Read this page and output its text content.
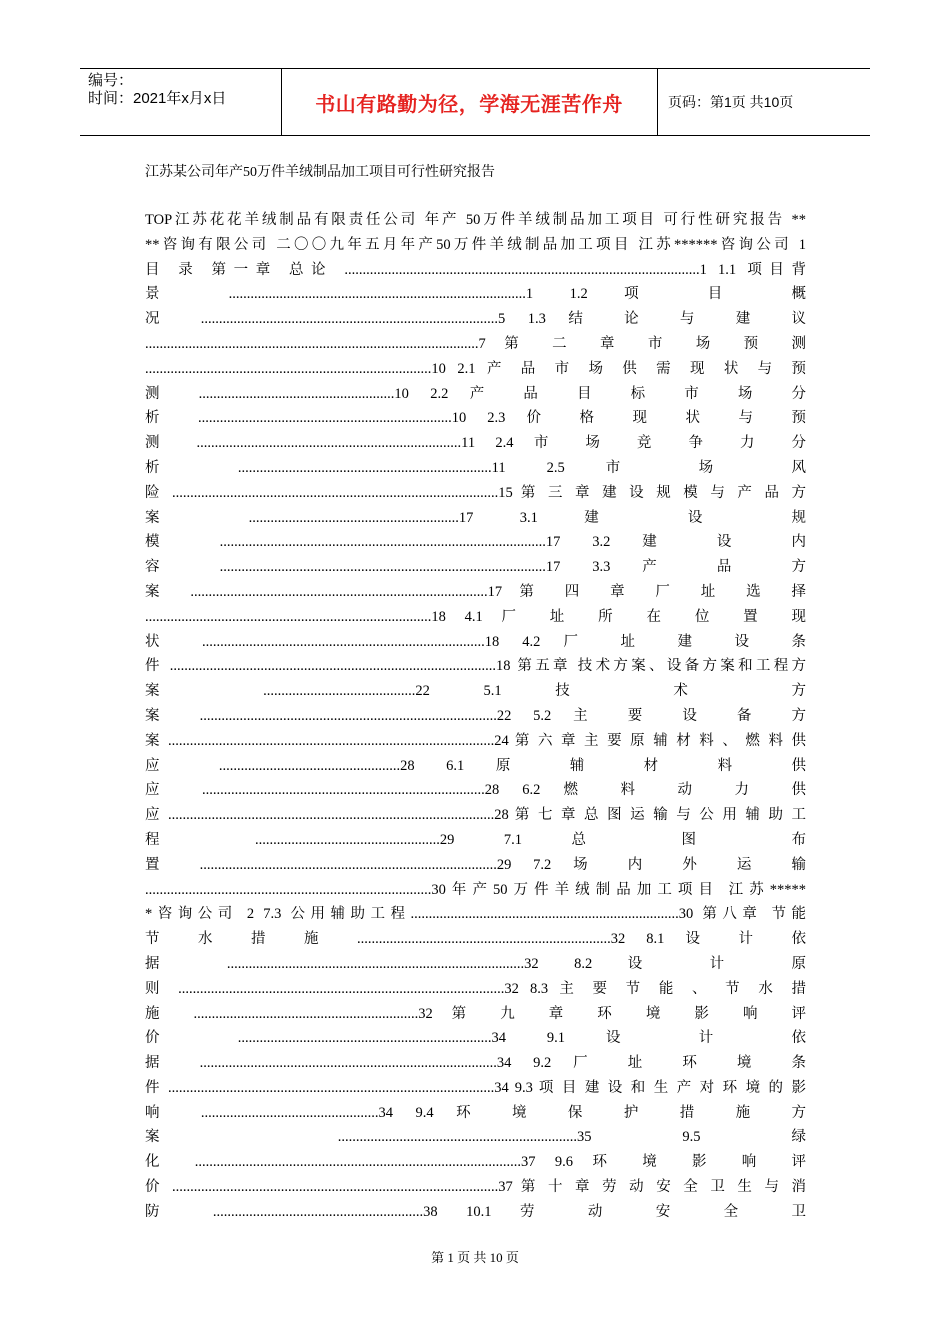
编号：
时间：2021年x月x日	书山有路勤为径，学海无涯苦作舟	页码：第1页 共10页
江苏某公司年产50万件羊绒制品加工项目可行性研究报告
TOP江苏花花羊绒制品有限责任公司 年产 50万件羊绒制品加工项目 可行性研究报告 **
**咨询有限公司 二〇〇九年五月年产50万件羊绒制品加工项目 江苏******咨询公司 1
目 录 第一章 总论 ..................................................................................................1 1.1 项目背
景 ..................................................................................1 1.2 项 目 概
况 ..................................................................................5 1.3 结 论 与 建 议
............................................................................................7 第 二 章 市 场 预 测
...............................................................................10 2.1 产 品 市 场 供 需 现 状 与 预
测 ......................................................10 2.2 产 品 目 标 市 场 分
析 ......................................................................10 2.3 价 格 现 状 与 预
测 .........................................................................11 2.4 市 场 竞 争 力 分
析 ......................................................................11 2.5 市 场 风
险 ..........................................................................................15 第 三 章 建 设 规 模 与 产 品 方
案 ..........................................................17 3.1 建 设 规
模 ..........................................................................................17 3.2 建 设 内
容 ..........................................................................................17 3.3 产 品 方
案 ..................................................................................17 第 四 章 厂 址 选 择
...............................................................................18 4.1 厂 址 所 在 位 置 现
状 ..............................................................................18 4.2 厂 址 建 设 条
件 ..........................................................................................18 第五章 技术方案、设备方案和工程方
案 ..........................................22 5.1 技 术 方
案 ..................................................................................22 5.2 主 要 设 备 方
案 ..........................................................................................24 第 六 章 主 要 原 辅 材 料 、 燃 料 供
应 ..................................................28 6.1 原 辅 材 料 供
应 ..............................................................................28 6.2 燃 料 动 力 供
应 ..........................................................................................28 第 七 章 总 图 运 输 与 公 用 辅 助 工
程 ...................................................29 7.1 总 图 布
置 ..................................................................................29 7.2 场 内 外 运 输
...............................................................................30年产50万件羊绒制品加工项目 江苏*****
*咨询公司 2 7.3 公用辅助工程..........................................................................30 第八章 节能
节 水 措 施 ......................................................................32 8.1 设 计 依
据 ..................................................................................32 8.2 设 计 原
则 ..........................................................................................32 8.3 主 要 节 能 、 节 水 措
施 ..............................................................32 第 九 章 环 境 影 响 评
价 ......................................................................34 9.1 设 计 依
据 ..................................................................................34 9.2 厂 址 环 境 条
件 ..........................................................................................34 9.3 项 目 建 设 和 生 产 对 环 境 的 影
响 .................................................34 9.4 环 境 保 护 措 施 方
案 ..................................................................35 9.5 绿
化 ..........................................................................................37 9.6 环 境 影 响 评
价 ..........................................................................................37 第 十 章 劳 动 安 全 卫 生 与 消
防 ..........................................................38 10.1 劳 动 安 全 卫
第 1 页 共 10 页
